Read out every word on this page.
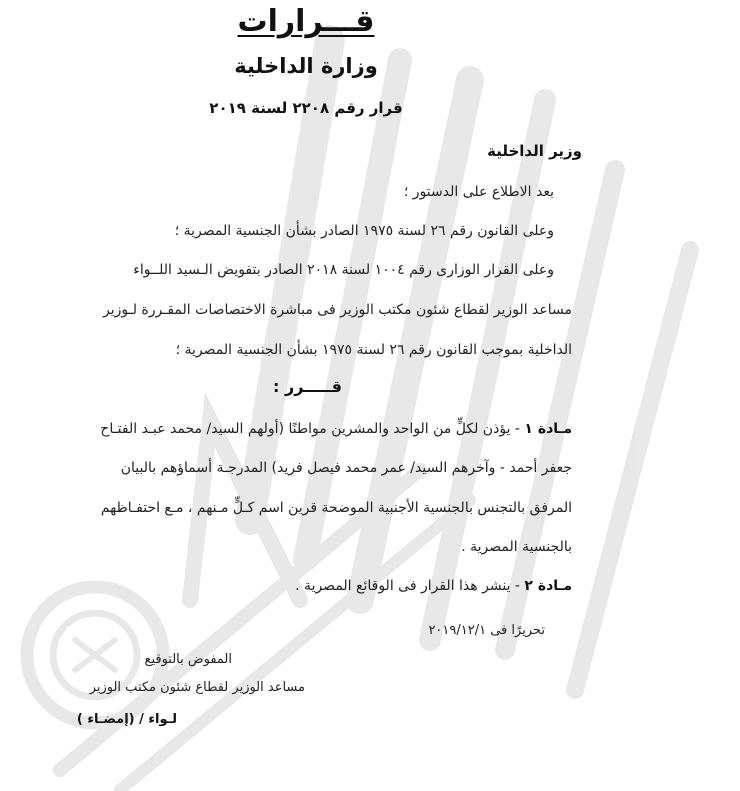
قـــرارات
وزارة الداخلية
قرار رقم ٢٢٠٨ لسنة ٢٠١٩
وزير الداخلية
بعد الاطلاع على الدستور ؛
وعلى القانون رقم ٢٦ لسنة ١٩٧٥ الصادر بشأن الجنسية المصرية ؛
وعلى القرار الوزارى رقم ١٠٠٤ لسنة ٢٠١٨ الصادر بتفويض الـسيد اللــواء
مساعد الوزير لقطاع شئون مكتب الوزير فى مباشرة الاختصاصات المقـررة لـوزير
الداخلية بموجب القانون رقم ٢٦ لسنة ١٩٧٥ بشأن الجنسية المصرية ؛
قـــــرر :
مـادة ١ - يؤذن لكلٍّ من الواحد والمشرين مواطنًا (أولهم السيد/ محمد عبـد الفتـاح
جعفر أحمد - وآخرهم السيد/ عمر محمد فيصل فريد) المدرجـة أسماؤهم بالبيان
المرفق بالتجنس بالجنسية الأجنبية الموضحة قرين اسم كـلٍّ مـنهم ، مـع احتفـاظهم
بالجنسية المصرية .
مـادة ٢ - ينشر هذا القرار فى الوقائع المصرية .
تحريرًا فى ٢٠١٩/١٢/١
المفوض بالتوقيع
مساعد الوزير لقطاع شئون مكتب الوزير
لـواء / (إمضـاء )
